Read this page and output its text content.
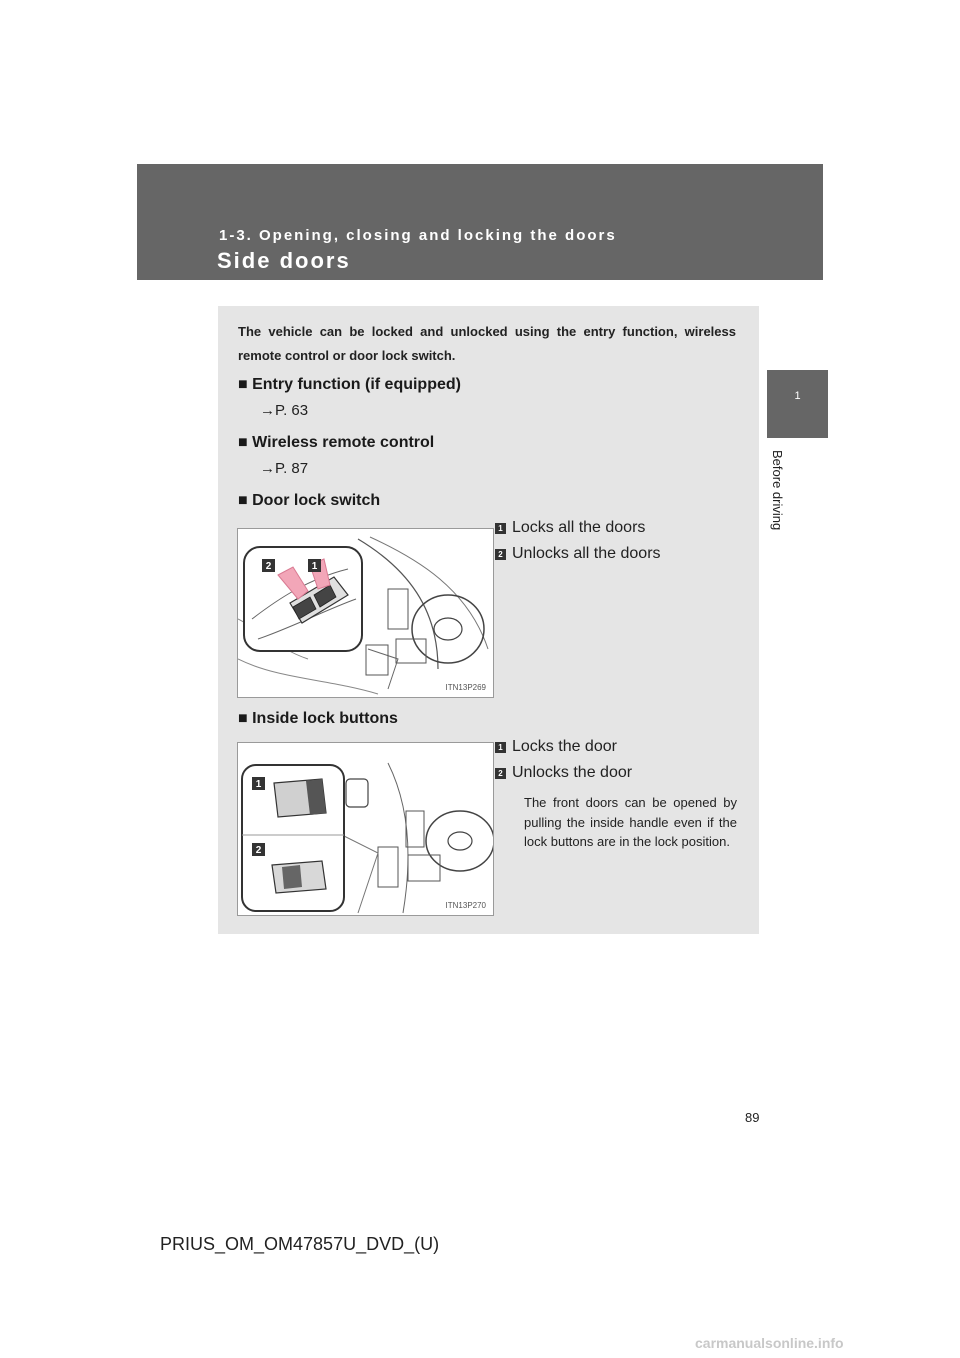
1-3. Opening, closing and locking the doors
Side doors
1
Before driving
The vehicle can be locked and unlocked using the entry function, wireless remote control or door lock switch.
■ Entry function (if equipped)
→P. 63
■ Wireless remote control
→P. 87
■ Door lock switch
2	1
ITN13P269
1 Locks all the doors
2 Unlocks all the doors
■ Inside lock buttons
1
2
ITN13P270
1 Locks the door
2 Unlocks the door
The front doors can be opened by pulling the inside handle even if the lock buttons are in the lock position.
89
PRIUS_OM_OM47857U_DVD_(U)
carmanualsonline.info
